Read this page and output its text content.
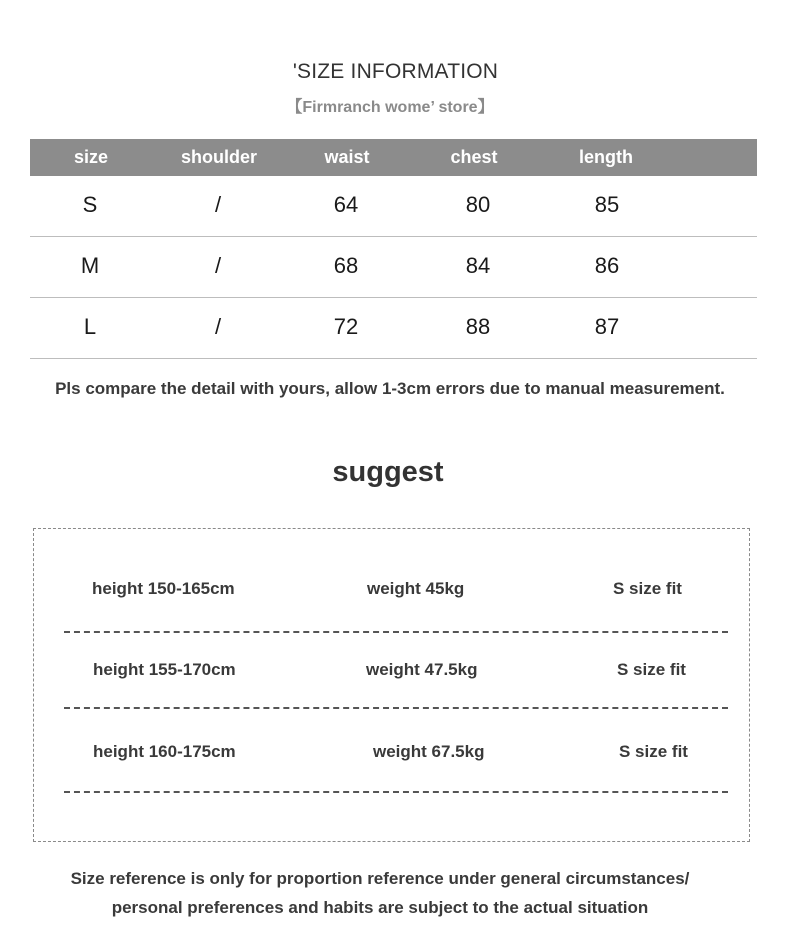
'SIZE INFORMATION
【Firmranch wome’ store】
size	shoulder	waist	chest	length
S	/	64	80	85
M	/	68	84	86
L	/	72	88	87
Pls compare the detail with yours, allow 1-3cm errors due to manual measurement.
suggest
height 150-165cm	weight 45kg	S size fit
height 155-170cm	weight 47.5kg	S size fit
height 160-175cm	weight 67.5kg	S size fit
Size reference is only for proportion reference under general circumstances/
personal preferences and habits are subject to the actual situation
